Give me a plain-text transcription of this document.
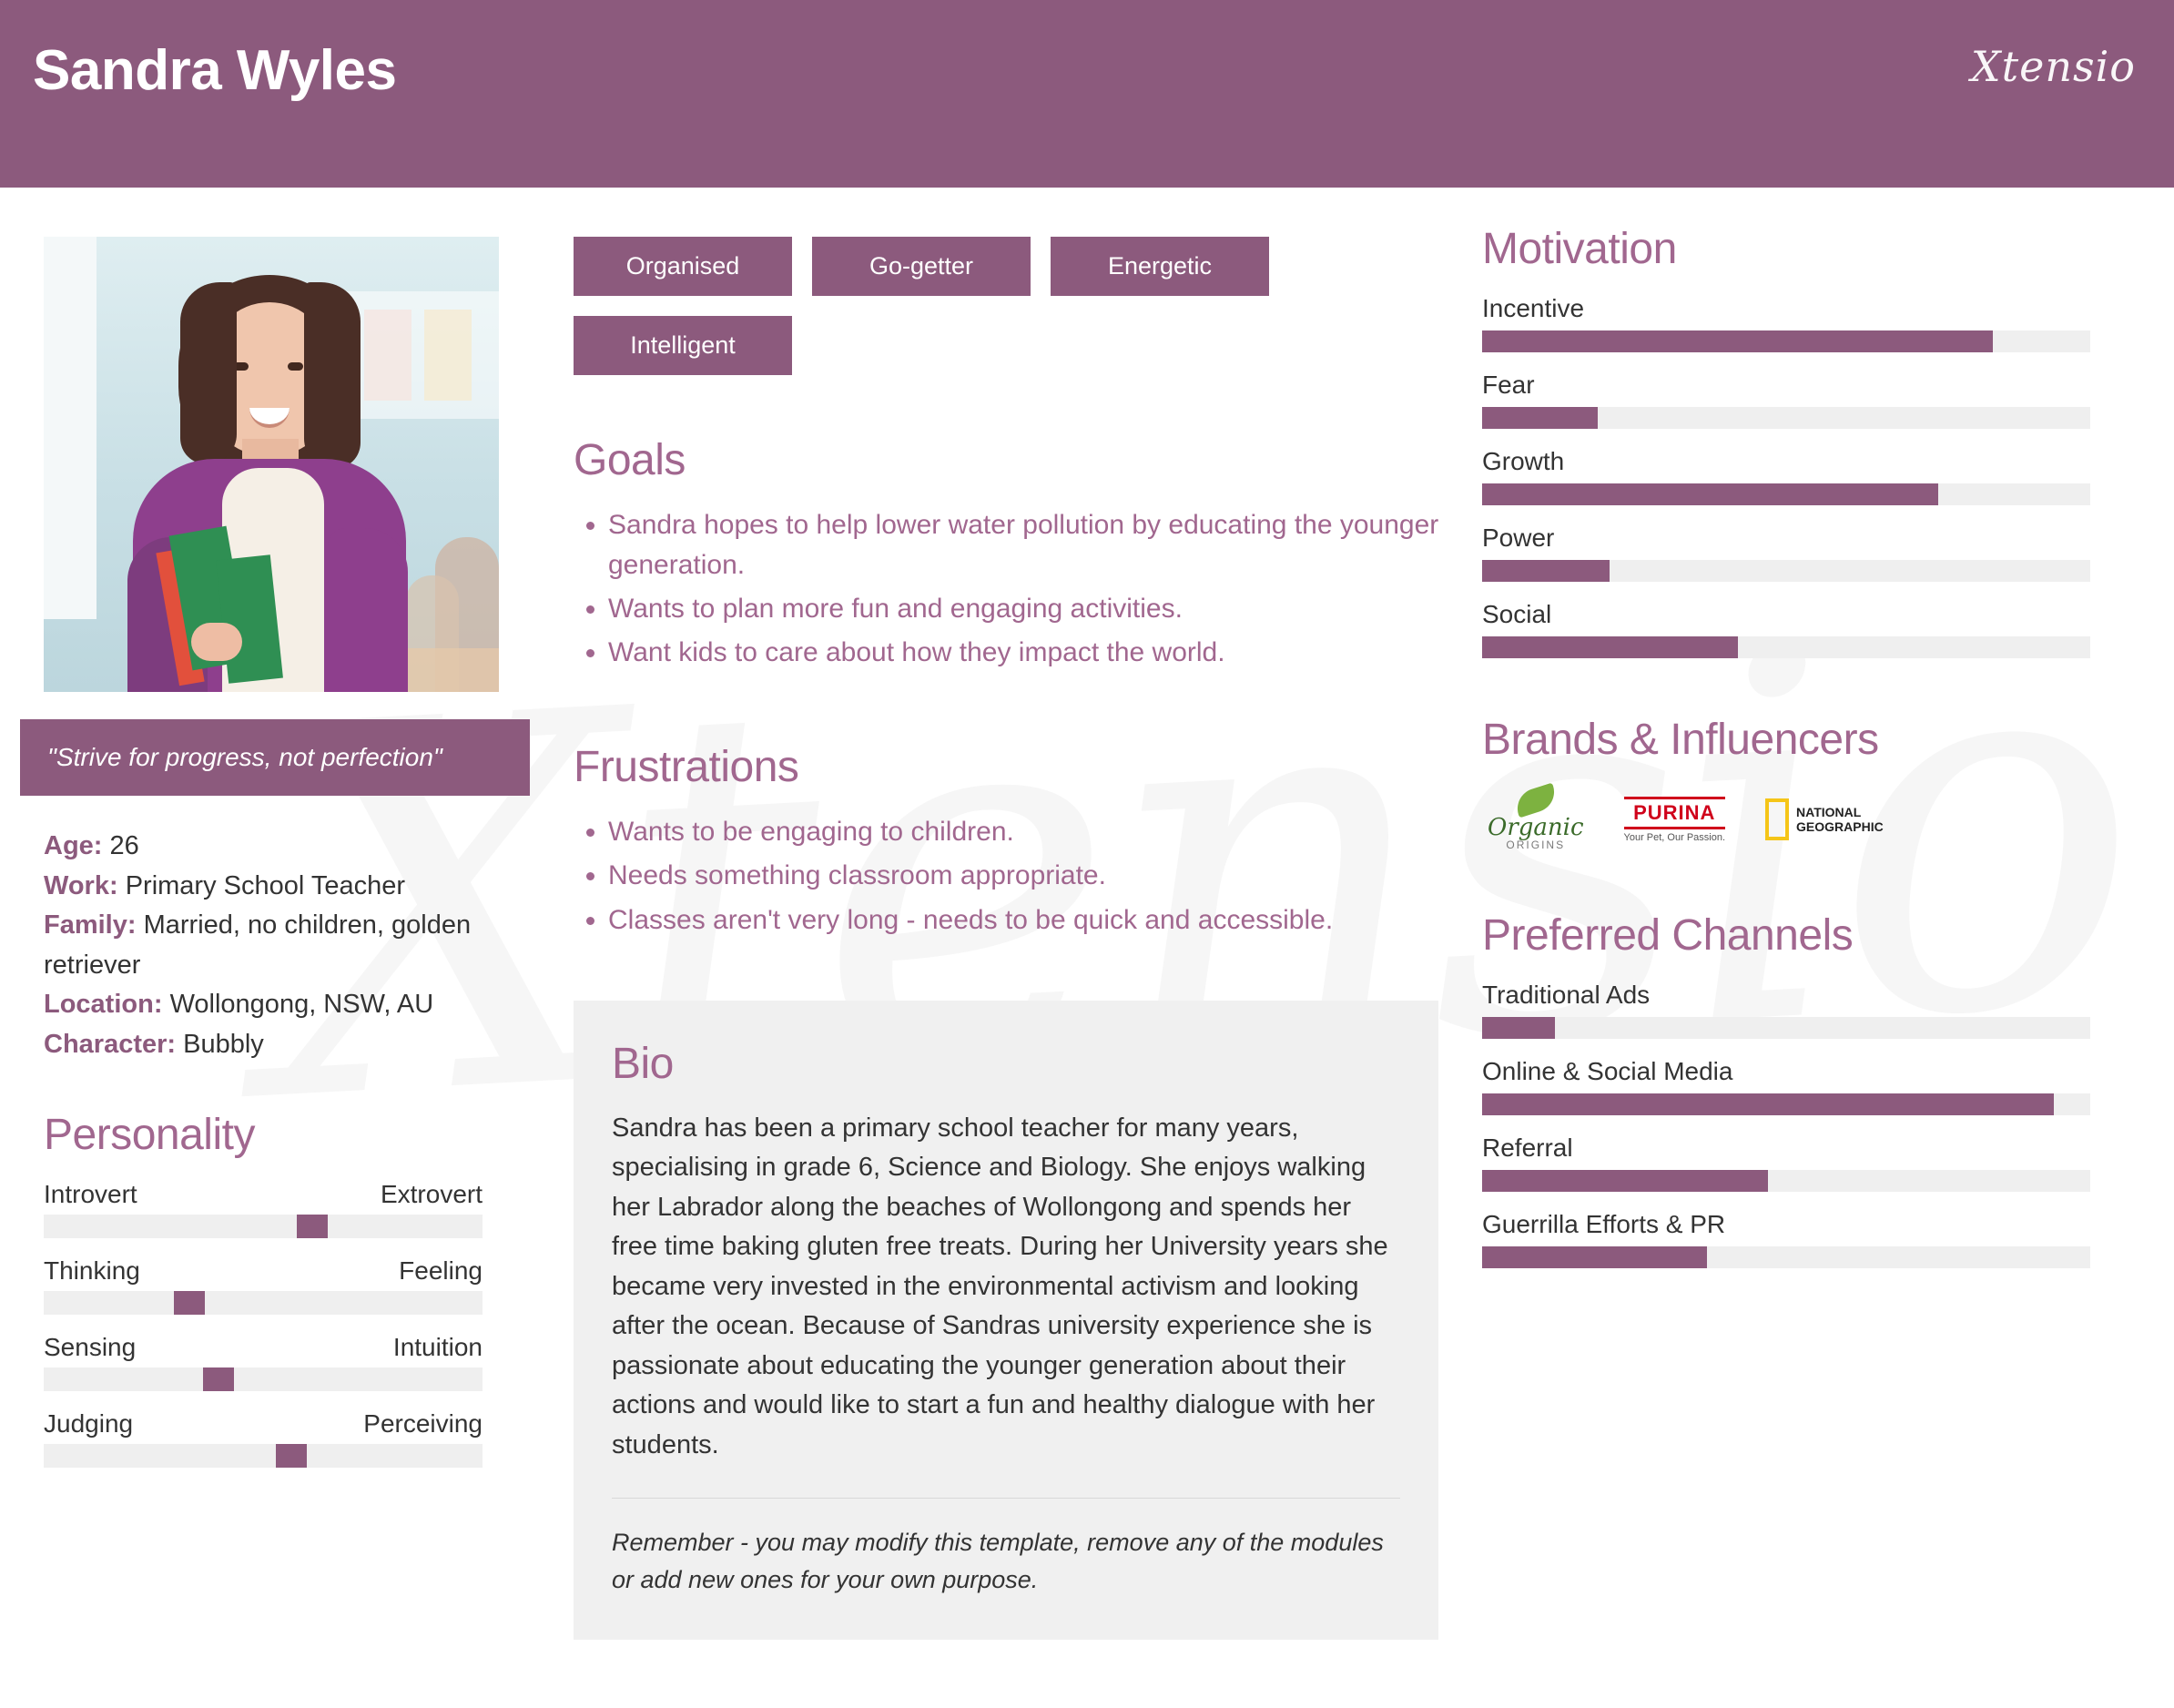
Sandra Wyles	Xtensio
"Strive for progress, not perfection"
Age: 26
Work: Primary School Teacher
Family: Married, no children, golden retriever
Location: Wollongong, NSW, AU
Character: Bubbly
Personality
Introvert	Extrovert
Thinking	Feeling
Sensing	Intuition
Judging	Perceiving
Organised	Go-getter	Energetic
Intelligent
Goals
• Sandra hopes to help lower water pollution by educating the younger generation.
• Wants to plan more fun and engaging activities.
• Want kids to care about how they impact the world.
Frustrations
• Wants to be engaging to children.
• Needs something classroom appropriate.
• Classes aren't very long - needs to be quick and accessible.
Bio

Sandra has been a primary school teacher for many years, specialising in grade 6, Science and Biology. She enjoys walking her Labrador along the beaches of Wollongong and spends her free time baking gluten free treats. During her University years she became very invested in the environmental activism and looking after the ocean. Because of Sandras university experience she is passionate about educating the younger generation about their actions and would like to start a fun and healthy dialogue with her students.

Remember - you may modify this template, remove any of the modules or add new ones for your own purpose.

Motivation
Incentive
Fear
Growth
Power
Social
Brands & Influencers
Organic
ORIGINS
PURINA
Your Pet, Our Passion.
NATIONAL
GEOGRAPHIC
Preferred Channels
Traditional Ads
Online & Social Media
Referral
Guerrilla Efforts & PR
